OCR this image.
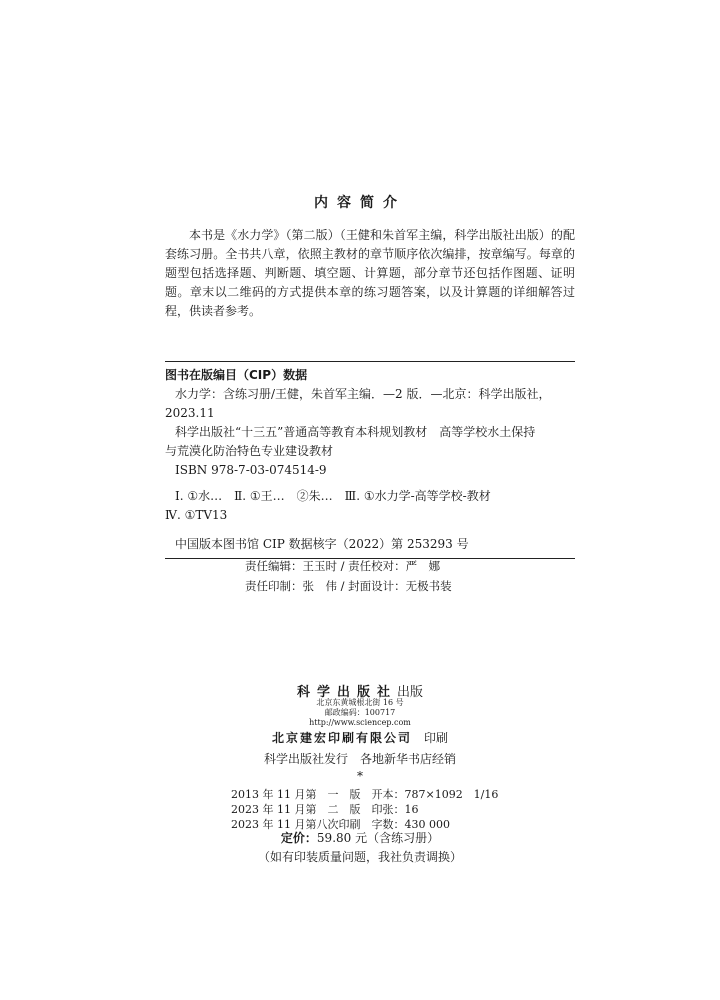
内容简介

本书是《水力学》（第二版）（王健和朱首军主编，科学出版社出版）的配套练习册。全书共八章，依照主教材的章节顺序依次编排，按章编写。每章的题型包括选择题、判断题、填空题、计算题，部分章节还包括作图题、证明题。章末以二维码的方式提供本章的练习题答案，以及计算题的详细解答过程，供读者参考。

图书在版编目（CIP）数据

水力学：含练习册/王健，朱首军主编．—2 版．—北京：科学出版社，

2023.11

科学出版社“十三五”普通高等教育本科规划教材　高等学校水土保持

与荒漠化防治特色专业建设教材

ISBN 978-7-03-074514-9

Ⅰ. ①水…　Ⅱ. ①王…　②朱…　Ⅲ. ①水力学-高等学校-教材

Ⅳ. ①TV13

中国版本图书馆 CIP 数据核字（2022）第 253293 号

责任编辑：王玉时 / 责任校对：严　娜
责任印制：张　伟 / 封面设计：无极书装
科学出版社出版
北京东黄城根北街 16 号
邮政编码：100717
http://www.sciencep.com
北京建宏印刷有限公司　 印刷
科学出版社发行　各地新华书店经销
*
2013 年 11 月第　一　版　开本：787×1092　1/16
2023 年 11 月第　二　版　印张：16
2023 年 11 月第八次印刷　字数：430 000
定价：59.80 元（含练习册）
（如有印装质量问题，我社负责调换）
